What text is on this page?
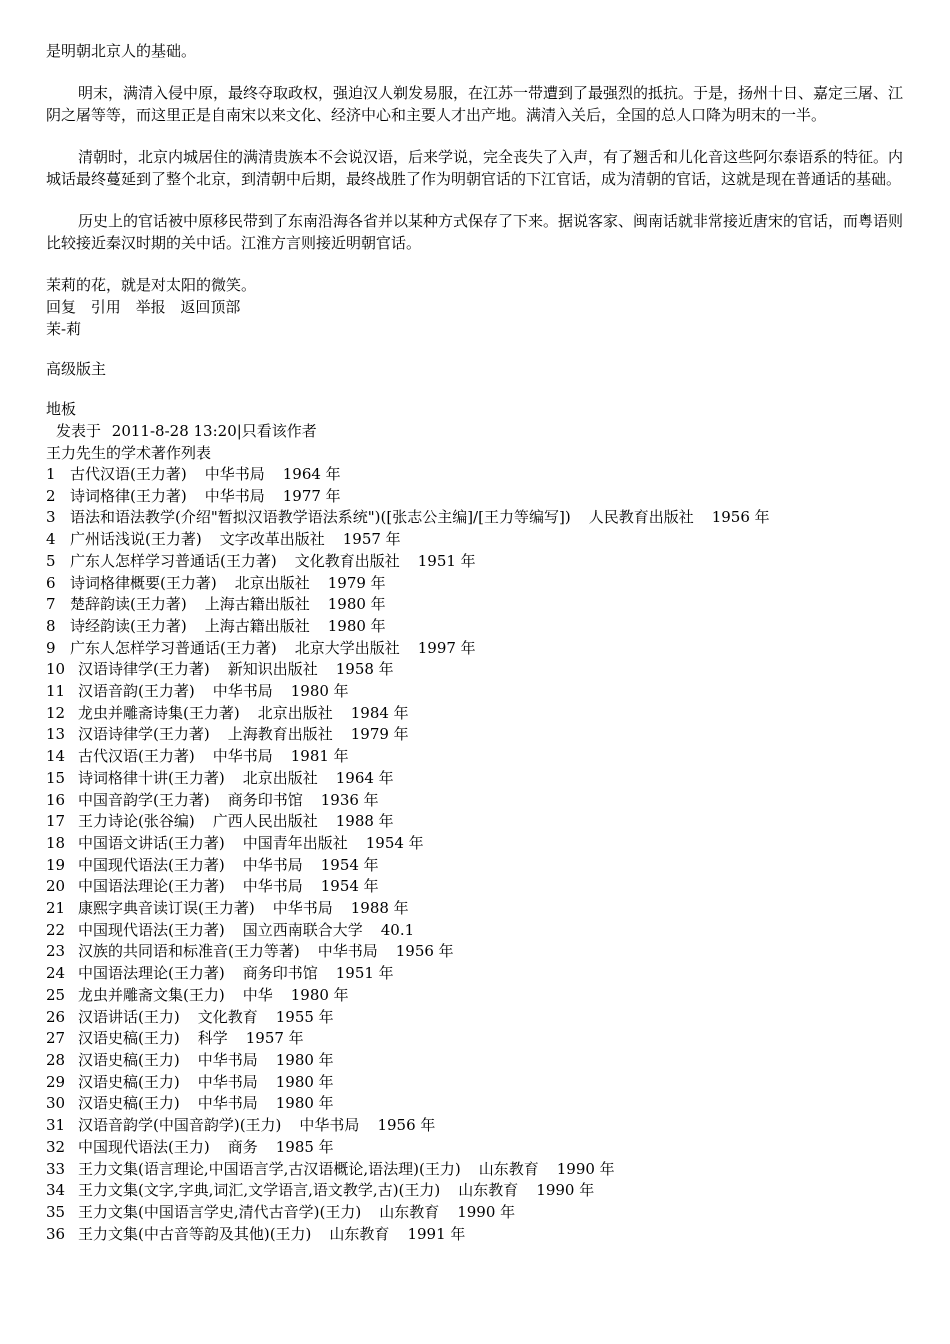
是明朝北京人的基础。

明末，满清入侵中原，最终夺取政权，强迫汉人剃发易服，在江苏一带遭到了最强烈的抵抗。于是，扬州十日、嘉定三屠、江阴之屠等等，而这里正是自南宋以来文化、经济中心和主要人才出产地。满清入关后，全国的总人口降为明末的一半。

清朝时，北京内城居住的满清贵族本不会说汉语，后来学说，完全丧失了入声，有了翘舌和儿化音这些阿尔泰语系的特征。内城话最终蔓延到了整个北京，到清朝中后期，最终战胜了作为明朝官话的下江官话，成为清朝的官话，这就是现在普通话的基础。

历史上的官话被中原移民带到了东南沿海各省并以某种方式保存了下来。据说客家、闽南话就非常接近唐宋的官话，而粤语则比较接近秦汉时期的关中话。江淮方言则接近明朝官话。

茉莉的花，就是对太阳的微笑。
回复 引用 举报 返回顶部
茉-莉
高级版主
地板
发表于 2011-8-28 13:20|只看该作者
王力先生的学术著作列表
1 古代汉语(王力著) 中华书局 1964 年
2 诗词格律(王力著) 中华书局 1977 年
3 语法和语法教学(介绍"暂拟汉语教学语法系统")([张志公主编]/[王力等编写]) 人民教育出版社 1956 年
4 广州话浅说(王力著) 文字改革出版社 1957 年
5 广东人怎样学习普通话(王力著) 文化教育出版社 1951 年
6 诗词格律概要(王力著) 北京出版社 1979 年
7 楚辞韵读(王力著) 上海古籍出版社 1980 年
8 诗经韵读(王力著) 上海古籍出版社 1980 年
9 广东人怎样学习普通话(王力著) 北京大学出版社 1997 年
10 汉语诗律学(王力著) 新知识出版社 1958 年
11 汉语音韵(王力著) 中华书局 1980 年
12 龙虫并雕斋诗集(王力著) 北京出版社 1984 年
13 汉语诗律学(王力著) 上海教育出版社 1979 年
14 古代汉语(王力著) 中华书局 1981 年
15 诗词格律十讲(王力著) 北京出版社 1964 年
16 中国音韵学(王力著) 商务印书馆 1936 年
17 王力诗论(张谷编) 广西人民出版社 1988 年
18 中国语文讲话(王力著) 中国青年出版社 1954 年
19 中国现代语法(王力著) 中华书局 1954 年
20 中国语法理论(王力著) 中华书局 1954 年
21 康熙字典音读订误(王力著) 中华书局 1988 年
22 中国现代语法(王力著) 国立西南联合大学 40.1
23 汉族的共同语和标准音(王力等著) 中华书局 1956 年
24 中国语法理论(王力著) 商务印书馆 1951 年
25 龙虫并雕斋文集(王力) 中华 1980 年
26 汉语讲话(王力) 文化教育 1955 年
27 汉语史稿(王力) 科学 1957 年
28 汉语史稿(王力) 中华书局 1980 年
29 汉语史稿(王力) 中华书局 1980 年
30 汉语史稿(王力) 中华书局 1980 年
31 汉语音韵学(中国音韵学)(王力) 中华书局 1956 年
32 中国现代语法(王力) 商务 1985 年
33 王力文集(语言理论,中国语言学,古汉语概论,语法理)(王力) 山东教育 1990 年
34 王力文集(文字,字典,词汇,文学语言,语文教学,古)(王力) 山东教育 1990 年
35 王力文集(中国语言学史,清代古音学)(王力) 山东教育 1990 年
36 王力文集(中古音等韵及其他)(王力) 山东教育 1991 年
